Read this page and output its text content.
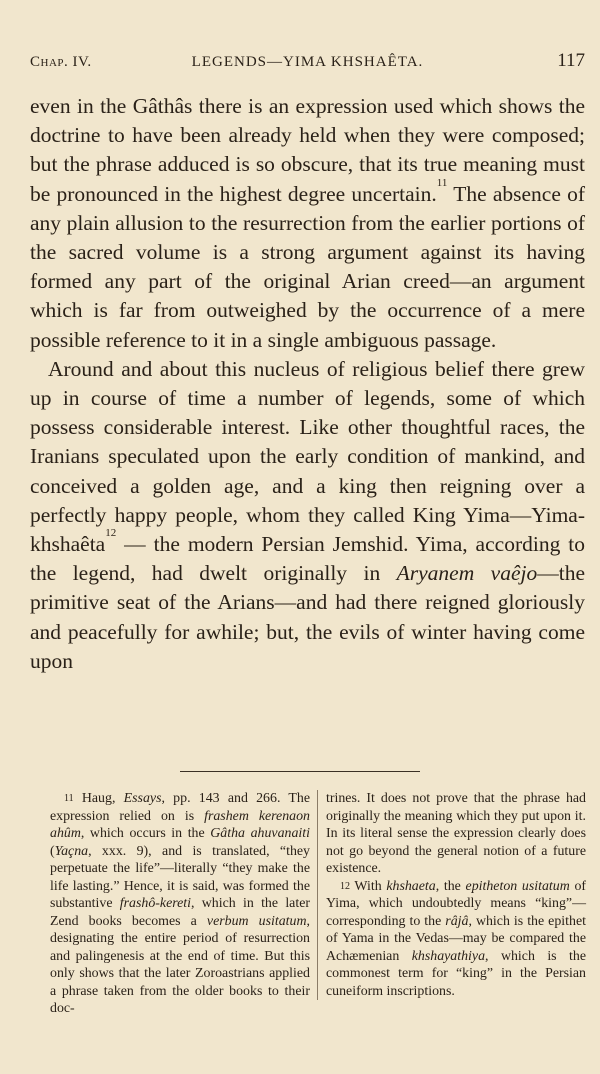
Chap. IV.	LEGENDS—YIMA KHSHAÊTA.	117

even in the Gâthâs there is an expression used which shows the doctrine to have been already held when they were composed; but the phrase adduced is so obscure, that its true meaning must be pronounced in the highest degree uncertain.$^{11}$ The absence of any plain allusion to the resurrection from the earlier portions of the sacred volume is a strong argument against its having formed any part of the original Arian creed—an argument which is far from outweighed by the occurrence of a mere possible reference to it in a single ambiguous passage.

Around and about this nucleus of religious belief there grew up in course of time a number of legends, some of which possess considerable interest. Like other thoughtful races, the Iranians speculated upon the early condition of mankind, and conceived a golden age, and a king then reigning over a perfectly happy people, whom they called King Yima—Yima-khshaêta$^{12}$ — the modern Persian Jemshid. Yima, according to the legend, had dwelt originally in Aryanem vaêjo—the primitive seat of the Arians—and had there reigned gloriously and peacefully for awhile; but, the evils of winter having come upon

$^{11}$ Haug, Essays, pp. 143 and 266. The expression relied on is frashem kerenaon ahûm, which occurs in the Gâtha ahuvanaiti (Yaçna, xxx. 9), and is translated, “they perpetuate the life”—literally “they make the life lasting.” Hence, it is said, was formed the substantive frashô-kereti, which in the later Zend books becomes a verbum usitatum, designating the entire period of resurrection and palingenesis at the end of time. But this only shows that the later Zoroastrians applied a phrase taken from the older books to their doc-

trines. It does not prove that the phrase had originally the meaning which they put upon it. In its literal sense the expression clearly does not go beyond the general notion of a future existence.

$^{12}$ With khshaeta, the epitheton usitatum of Yima, which undoubtedly means “king”—corresponding to the râjâ, which is the epithet of Yama in the Vedas—may be compared the Achæmenian khshayathiya, which is the commonest term for “king” in the Persian cuneiform inscriptions.
